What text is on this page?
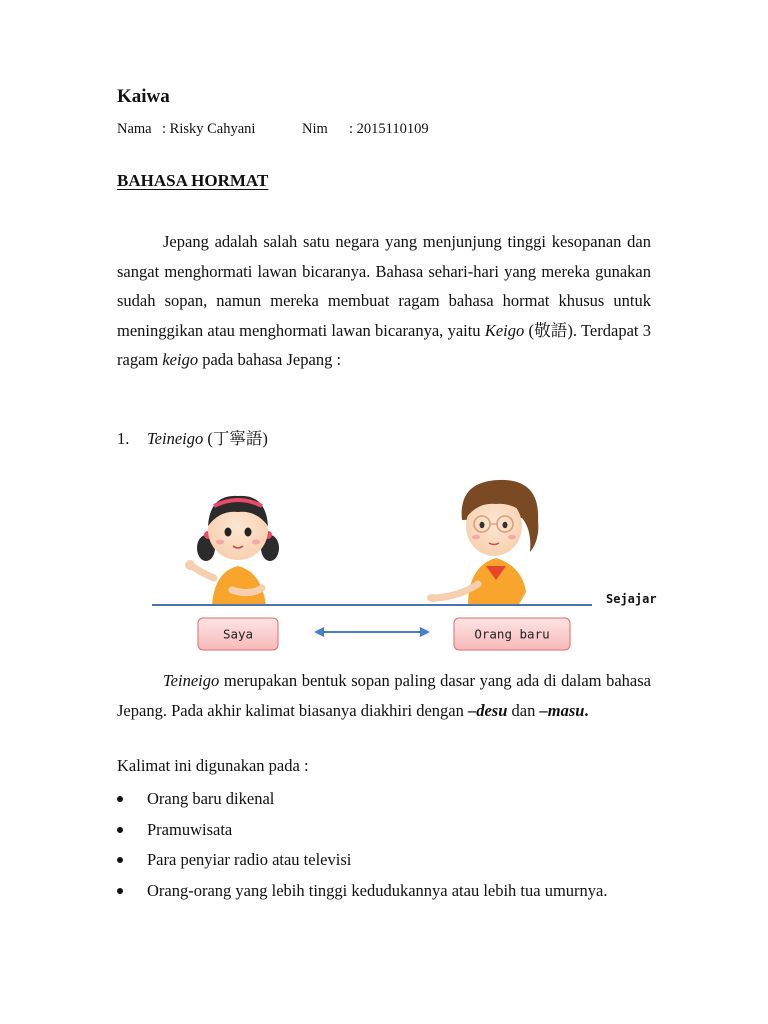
Kaiwa
Nama : Risky Cahyani	Nim : 2015110109
BAHASA HORMAT
Jepang adalah salah satu negara yang menjunjung tinggi kesopanan dan sangat menghormati lawan bicaranya. Bahasa sehari-hari yang mereka gunakan sudah sopan, namun mereka membuat ragam bahasa hormat khusus untuk meninggikan atau menghormati lawan bicaranya, yaitu Keigo (敬語). Terdapat 3 ragam keigo pada bahasa Jepang :
1. Teineigo (丁寧語)
Saya	Orang baru
Sejajar
Teineigo merupakan bentuk sopan paling dasar yang ada di dalam bahasa Jepang. Pada akhir kalimat biasanya diakhiri dengan –desu dan –masu.
Kalimat ini digunakan pada :
Orang baru dikenal
Pramuwisata
Para penyiar radio atau televisi
Orang-orang yang lebih tinggi kedudukannya atau lebih tua umurnya.
